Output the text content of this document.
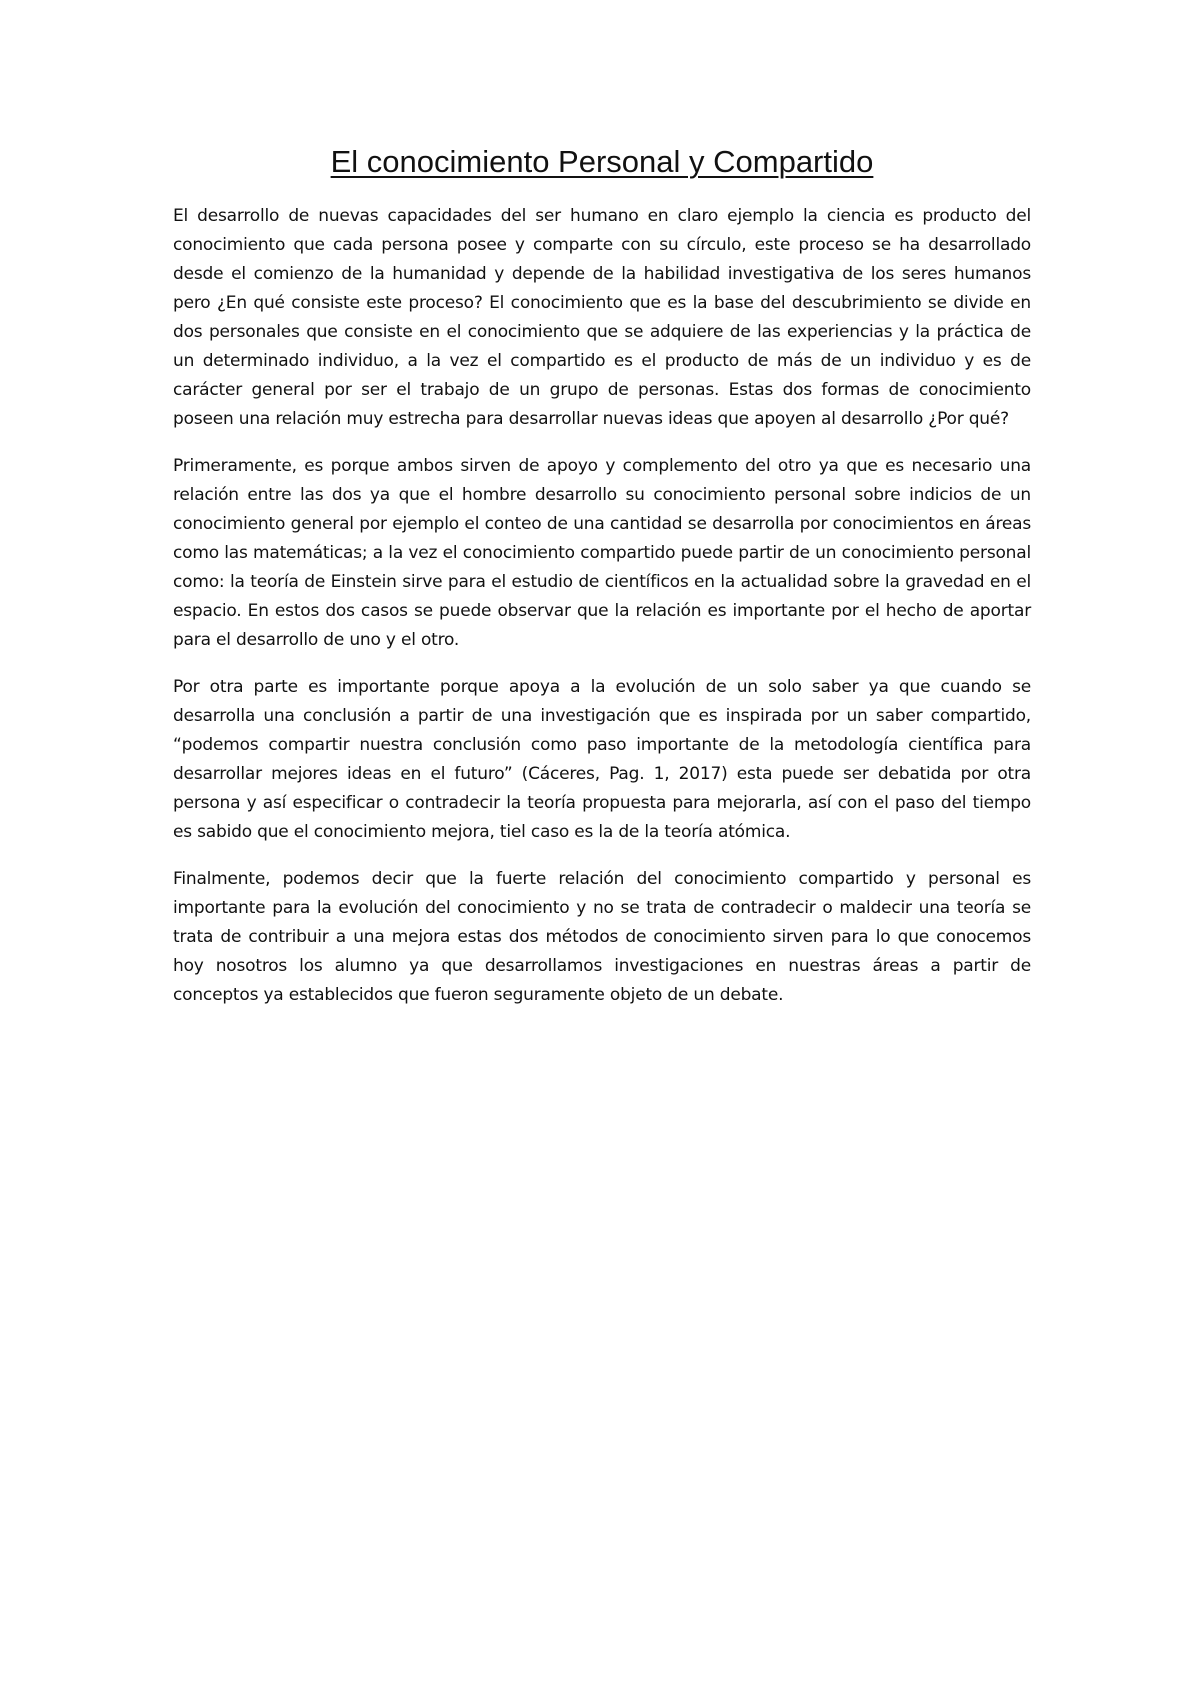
El conocimiento Personal y Compartido

El desarrollo de nuevas capacidades del ser humano en claro ejemplo la ciencia es producto del conocimiento que cada persona posee y comparte con su círculo, este proceso se ha desarrollado desde el comienzo de la humanidad y depende de la habilidad investigativa de los seres humanos pero ¿En qué consiste este proceso? El conocimiento que es la base del descubrimiento se divide en dos personales que consiste en el conocimiento que se adquiere de las experiencias y la práctica de un determinado individuo, a la vez el compartido es el producto de más de un individuo y es de carácter general por ser el trabajo de un grupo de personas. Estas dos formas de conocimiento poseen una relación muy estrecha para desarrollar nuevas ideas que apoyen al desarrollo ¿Por qué?

Primeramente, es porque ambos sirven de apoyo y complemento del otro ya que es necesario una relación entre las dos ya que el hombre desarrollo su conocimiento personal sobre indicios de un conocimiento general por ejemplo el conteo de una cantidad se desarrolla por conocimientos en áreas como las matemáticas; a la vez el conocimiento compartido puede partir de un conocimiento personal como: la teoría de Einstein sirve para el estudio de científicos en la actualidad sobre la gravedad en el espacio. En estos dos casos se puede observar que la relación es importante por el hecho de aportar para el desarrollo de uno y el otro.

Por otra parte es importante porque apoya a la evolución de un solo saber ya que cuando se desarrolla una conclusión a partir de una investigación que es inspirada por un saber compartido, “podemos compartir nuestra conclusión como paso importante de la metodología científica para desarrollar mejores ideas en el futuro” (Cáceres, Pag. 1, 2017) esta puede ser debatida por otra persona y así especificar o contradecir la teoría propuesta para mejorarla, así con el paso del tiempo es sabido que el conocimiento mejora, tiel caso es la de la teoría atómica.

Finalmente, podemos decir que la fuerte relación del conocimiento compartido y personal es importante para la evolución del conocimiento y no se trata de contradecir o maldecir una teoría se trata de contribuir a una mejora estas dos métodos de conocimiento sirven para lo que conocemos hoy nosotros los alumno ya que desarrollamos investigaciones en nuestras áreas a partir de conceptos ya establecidos que fueron seguramente objeto de un debate.
